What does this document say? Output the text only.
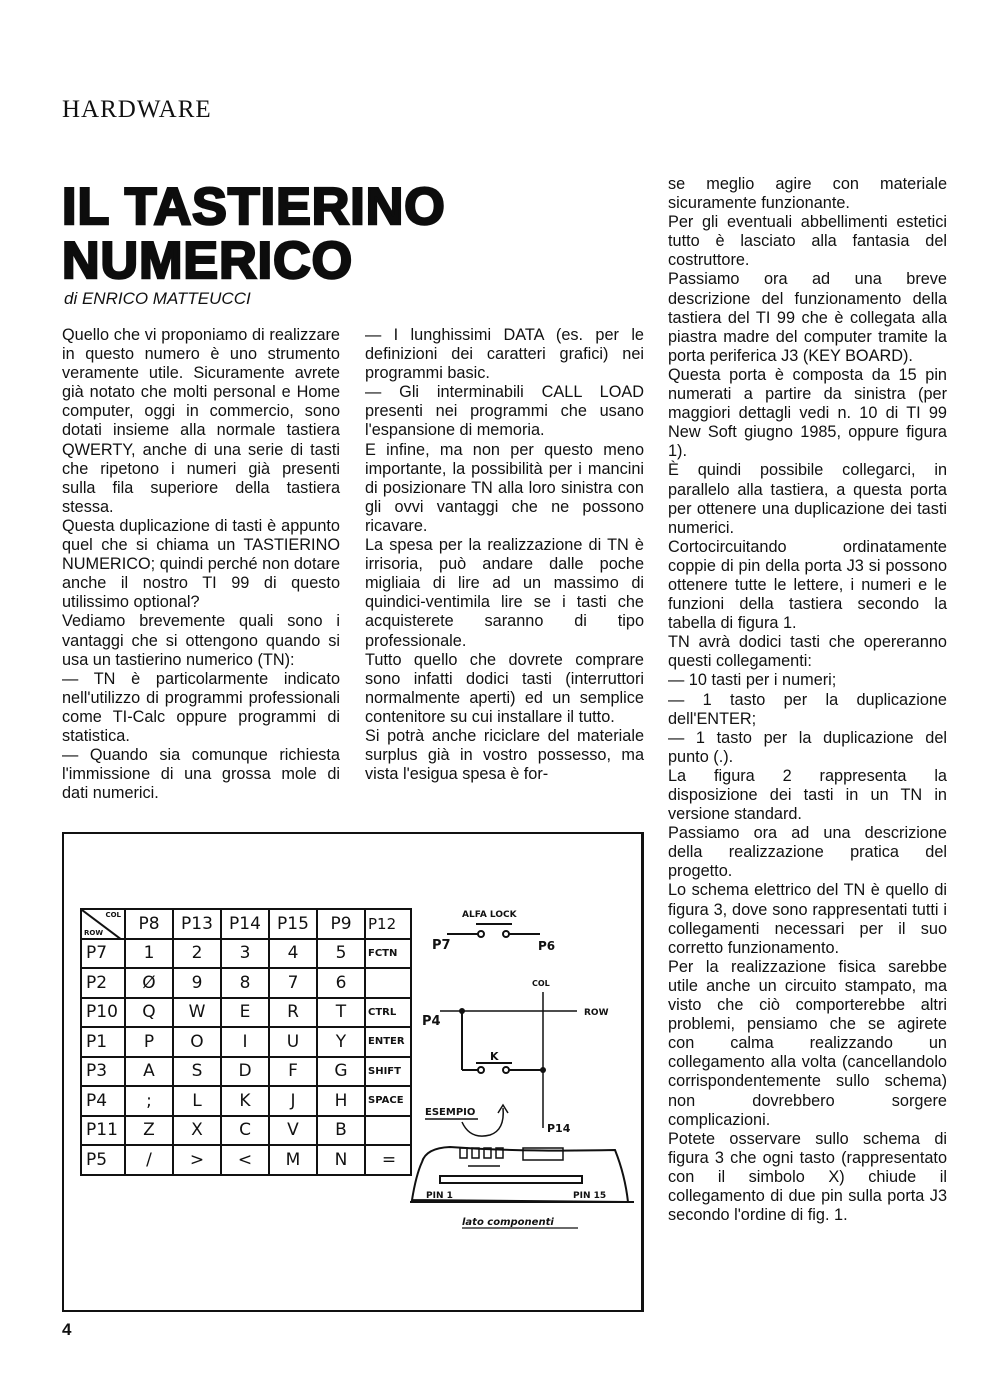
HARDWARE
IL TASTIERINO
NUMERICO
di ENRICO MATTEUCCI

Quello che vi proponiamo di realizzare in questo numero è uno strumento veramente utile. Sicuramente avrete già notato che molti personal e Home computer, oggi in commercio, sono dotati insieme alla normale tastiera QWERTY, anche di una serie di tasti che ripetono i numeri già presenti sulla fila superiore della tastiera stessa.

Questa duplicazione di tasti è appunto quel che si chiama un TASTIERINO NUMERICO; quindi perché non dotare anche il nostro TI 99 di questo utilissimo optional?

Vediamo brevemente quali sono i vantaggi che si ottengono quando si usa un tastierino numerico (TN):

— TN è particolarmente indicato nell'utilizzo di programmi professionali come TI-Calc oppure programmi di statistica.

— Quando sia comunque richiesta l'immissione di una grossa mole di dati numerici.

— I lunghissimi DATA (es. per le definizioni dei caratteri grafici) nei programmi basic.

— Gli interminabili CALL LOAD presenti nei programmi che usano l'espansione di memoria.

E infine, ma non per questo meno importante, la possibilità per i mancini di posizionare TN alla loro sinistra con gli ovvi vantaggi che ne possono ricavare.

La spesa per la realizzazione di TN è irrisoria, può andare dalle poche migliaia di lire ad un massimo di quindici-ventimila lire se i tasti che acquisterete saranno di tipo professionale.

Tutto quello che dovrete comprare sono infatti dodici tasti (interruttori normalmente aperti) ed un semplice contenitore su cui installare il tutto.

Si potrà anche riciclare del materiale surplus già in vostro possesso, ma vista l'esigua spesa è for-

se meglio agire con materiale sicuramente funzionante.

Per gli eventuali abbellimenti estetici tutto è lasciato alla fantasia del costruttore.

Passiamo ora ad una breve descrizione del funzionamento della tastiera del TI 99 che è collegata alla piastra madre del computer tramite la porta periferica J3 (KEY BOARD).

Questa porta è composta da 15 pin numerati a partire da sinistra (per maggiori dettagli vedi n. 10 di TI 99 New Soft giugno 1985, oppure figura 1).

È quindi possibile collegarci, in parallelo alla tastiera, a questa porta per ottenere una duplicazione dei tasti numerici.

Cortocircuitando ordinatamente coppie di pin della porta J3 si possono ottenere tutte le lettere, i numeri e le funzioni della tastiera secondo la tabella di figura 1.

TN avrà dodici tasti che opereranno questi collegamenti:

— 10 tasti per i numeri;

— 1 tasto per la duplicazione dell'ENTER;

— 1 tasto per la duplicazione del punto (.).

La figura 2 rappresenta la disposizione dei tasti in un TN in versione standard.

Passiamo ora ad una descrizione della realizzazione pratica del progetto.

Lo schema elettrico del TN è quello di figura 3, dove sono rappresentati tutti i collegamenti necessari per il suo corretto funzionamento.

Per la realizzazione fisica sarebbe utile anche un circuito stampato, ma visto che ciò comporterebbe altri problemi, pensiamo che se agirete con calma realizzando un collegamento alla volta (cancellandolo corrispondentemente sullo schema) non dovrebbero sorgere complicazioni.

Potete osservare sullo schema di figura 3 che ogni tasto (rappresentato con il simbolo X) chiude il collegamento di due pin sulla porta J3 secondo l'ordine di fig. 1.

COL
ROW	P8	P13	P14	P15	P9	P12
P7	1	2	3	4	5	FCTN
P2	Ø	9	8	7	6	
P10	Q	W	E	R	T	CTRL
P1	P	O	I	U	Y	ENTER
P3	A	S	D	F	G	SHIFT
P4	;	L	K	J	H	SPACE
P11	Z	X	C	V	B	
P5	/	>	<	M	N	=
ALFA LOCK
P7	P6
COL
ROW
P4
K
P14
ESEMPIO
PIN 1	PIN 15
lato componenti
4
